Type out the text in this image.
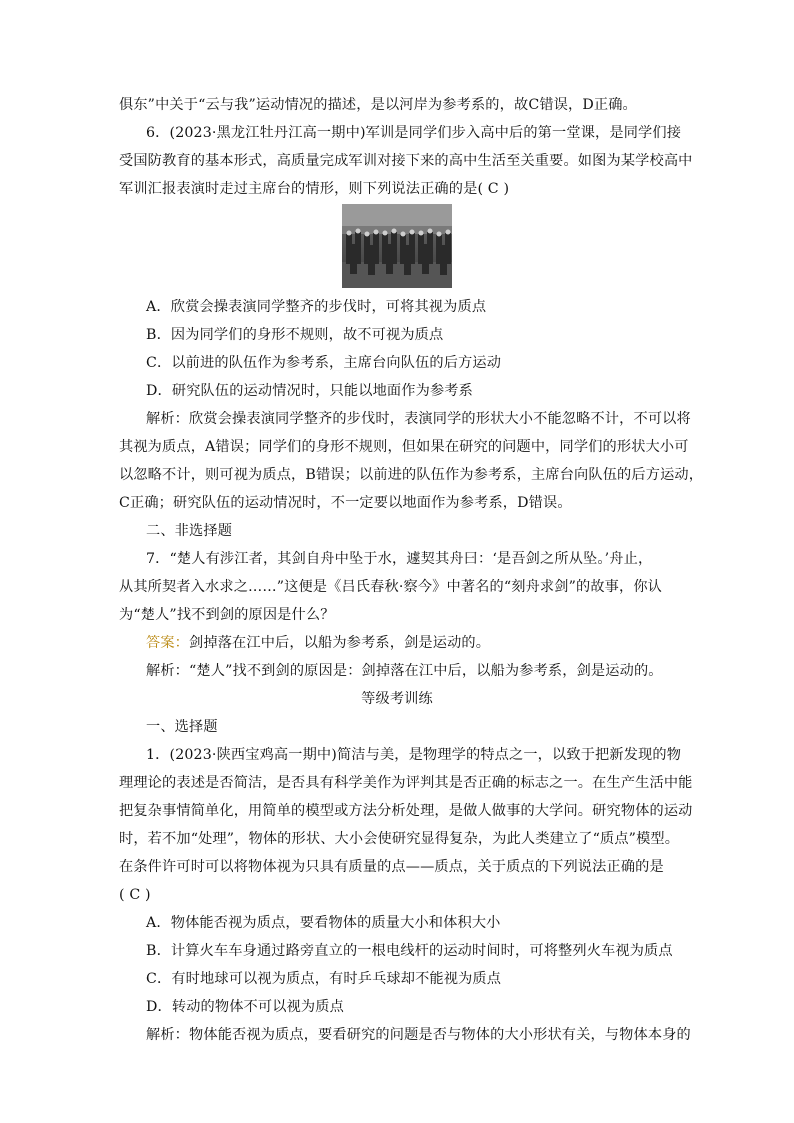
俱东”中关于“云与我”运动情况的描述，是以河岸为参考系的，故C错误，D正确。
6．(2023·黑龙江牡丹江高一期中)军训是同学们步入高中后的第一堂课，是同学们接
受国防教育的基本形式，高质量完成军训对接下来的高中生活至关重要。如图为某学校高中
军训汇报表演时走过主席台的情形，则下列说法正确的是( C )
A．欣赏会操表演同学整齐的步伐时，可将其视为质点
B．因为同学们的身形不规则，故不可视为质点
C．以前进的队伍作为参考系，主席台向队伍的后方运动
D．研究队伍的运动情况时，只能以地面作为参考系
解析：欣赏会操表演同学整齐的步伐时，表演同学的形状大小不能忽略不计，不可以将
其视为质点，A错误；同学们的身形不规则，但如果在研究的问题中，同学们的形状大小可
以忽略不计，则可视为质点，B错误；以前进的队伍作为参考系，主席台向队伍的后方运动，
C正确；研究队伍的运动情况时，不一定要以地面作为参考系，D错误。
二、非选择题
7．“楚人有涉江者，其剑自舟中坠于水，遽契其舟曰：‘是吾剑之所从坠。’舟止，
从其所契者入水求之……”这便是《吕氏春秋·察今》中著名的“刻舟求剑”的故事，你认
为“楚人”找不到剑的原因是什么？
答案：剑掉落在江中后，以船为参考系，剑是运动的。
解析：“楚人”找不到剑的原因是：剑掉落在江中后，以船为参考系，剑是运动的。
等级考训练
一、选择题
1．(2023·陕西宝鸡高一期中)简洁与美，是物理学的特点之一，以致于把新发现的物
理理论的表述是否简洁，是否具有科学美作为评判其是否正确的标志之一。在生产生活中能
把复杂事情简单化，用简单的模型或方法分析处理，是做人做事的大学问。研究物体的运动
时，若不加“处理”，物体的形状、大小会使研究显得复杂，为此人类建立了“质点”模型。
在条件许可时可以将物体视为只具有质量的点——质点，关于质点的下列说法正确的是
( C )
A．物体能否视为质点，要看物体的质量大小和体积大小
B．计算火车车身通过路旁直立的一根电线杆的运动时间时，可将整列火车视为质点
C．有时地球可以视为质点，有时乒乓球却不能视为质点
D．转动的物体不可以视为质点
解析：物体能否视为质点，要看研究的问题是否与物体的大小形状有关，与物体本身的
